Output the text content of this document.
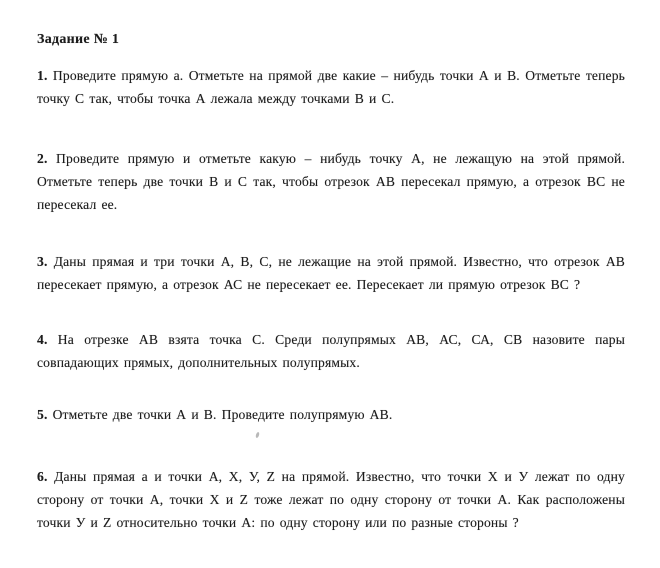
Задание № 1

1. Проведите прямую а. Отметьте на прямой две какие – нибудь точки А и В. Отметьте теперь точку С так, чтобы точка А лежала между точками В и С.

2. Проведите прямую и отметьте какую – нибудь точку А, не лежащую на этой прямой. Отметьте теперь две точки В и С так, чтобы отрезок АВ пересекал прямую, а отрезок ВС не пересекал ее.

3. Даны прямая и три точки А, В, С, не лежащие на этой прямой. Известно, что отрезок АВ пересекает прямую, а отрезок АС не пересекает ее. Пересекает ли прямую отрезок ВС ?

4. На отрезке АВ взята точка С. Среди полупрямых АВ, АС, СА, СВ назовите пары совпадающих прямых, дополнительных полупрямых.

5. Отметьте две точки А и В. Проведите полупрямую АВ.

6. Даны прямая а и точки А, Х, У, Z на прямой. Известно, что точки Х и У лежат по одну сторону от точки А, точки Х и Z тоже лежат по одну сторону от точки А. Как расположены точки У и Z относительно точки А: по одну сторону или по разные стороны ?
